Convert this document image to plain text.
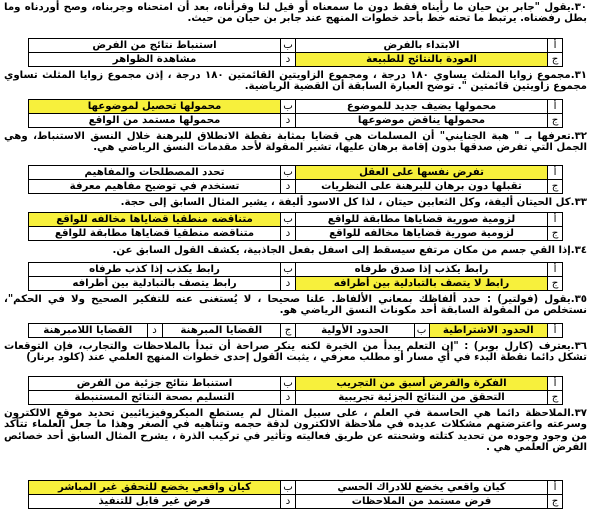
٣٠.يقول "جابر بن حيان ما رأيناه فقط دون ما سمعناه أو قيل لنا وقرأناه، بعد أن امتحناه وجربناه، وصح أوردناه وما بطل رفضناه. يرتبط ما تحته خط بأحد خطوات المنهج عند جابر بن حيان من حيث.
أ	الابتداء بالفرض	ب	استنباط نتائج من الفرض
ج	العودة بالنتائج للطبيعة	د	مشاهدة الظواهر
٣١.مجموع زوايا المثلث يساوي ١٨٠ درجة ، ومجموع الزاويتين القائمتين ١٨٠ درجة ، إذن مجموع زوايا المثلث تساوي مجموع زاويتين قائمتين ". توضح العبارة السابقة أن القضية الرياضية.
أ	محمولها يضيف جديد للموضوع	ب	محمولها تحصيل لموضوعها
ج	محمولها يناقض موضوعها	د	محمولها مستمد من الواقع
٣٢.تعرفها بـ " هبة الجنايني" أن المسلمات هي قضايا بمثابة نقطة الانطلاق للبرهنة خلال النسق الاستنباط، وهي الجمل التي تفرض صدقها بدون إقامة برهان عليها، تشير المقولة لأحد مقدمات النسق الرياضي هي.
أ	تفرض نفسها على العقل	ب	تحدد المصطلحات والمفاهيم
ج	تقبلها دون برهان للبرهنة على النظريات	د	تستخدم في توضيح مفاهيم معرفة
٣٣.كل الحيتان أليفة، وكل الثعابين حيتان ، لذا كل الاسود أليفة ، يشير المثال السابق إلى حجة.
أ	لزومية صورية قضاياها مطابقة للواقع	ب	متناقضه منطقيا قضاياها مخالفه للواقع
ج	لزومية صورية قضاياها مخالفه للواقع	د	متناقضه منطقيا قضاياها مطابقة للواقع
٣٤.إذا القي جسم من مكان مرتفع سيسقط إلى اسفل بفعل الجاذبية، يكشف القول السابق عن.
أ	رابط يكذب إذا صدق طرفاه	ب	رابط يكذب إذا كذب طرفاه
ج	رابط لا يتصف بالتبادلية بين أطرافه	د	رابط يتصف بالتبادلية بين أطرافه
٣٥.يقول (فولتير) : حدد ألفاظك بمعاني الألفاظ. علنا صحيحا ، لا يُستغنى عنه للتفكير الصحيح ولا في الحكم"، نستخلص من المقولة السابقة أحد مكونات النسق الرياضي هو.
أ	الحدود الاشتراطية	ب	الحدود الأولية	ج	القضايا المبرهنة	د	القضايا اللامبرهنة
٣٦.يعترف (كارل بوبر) : "إن التعلم يبدأ من الخبرة لكنه ينكر صراحة أن تبدأ بالملاحظات والتجارب، فإن التوقعات تشكل دائما نقطة البدء في أي مسار أو مطلب معرفي ، يثبت القول إحدى خطوات المنهج العلمي عند (كلود برنار)
أ	الفكرة والفرض أسبق من التجريب	ب	استنباط نتائج جزئية من الفرض
ج	التحقق من النتائج الجزئية تجريبية	د	التسليم بصحة النتائج المستنبطة
٣٧.الملاحظة دائما هي الحاسمة في العلم ، على سبيل المثال لم يستطع الميكروفيزيائيين تحديد موقع الالكترون وسرعته واعترضتهم مشكلات عديده في ملاحظة الالكترون لدقة حجمه وتناهيه في الصغر وهذا ما جعل العلماء تتأكد من وجود وجوده من تحديد كتلته وشحنته عن طريق فعاليته وتأثير في تركيب الذرة ، يشرح المثال السابق أحد خصائص الفرض العلمي هي .
أ	كيان واقعي يخضع للادراك الحسي	ب	كيان واقعي يخضع للتحقق غير المباشر
ج	فرض مستمد من الملاحظات	د	فرض غير قابل للتنفيذ
